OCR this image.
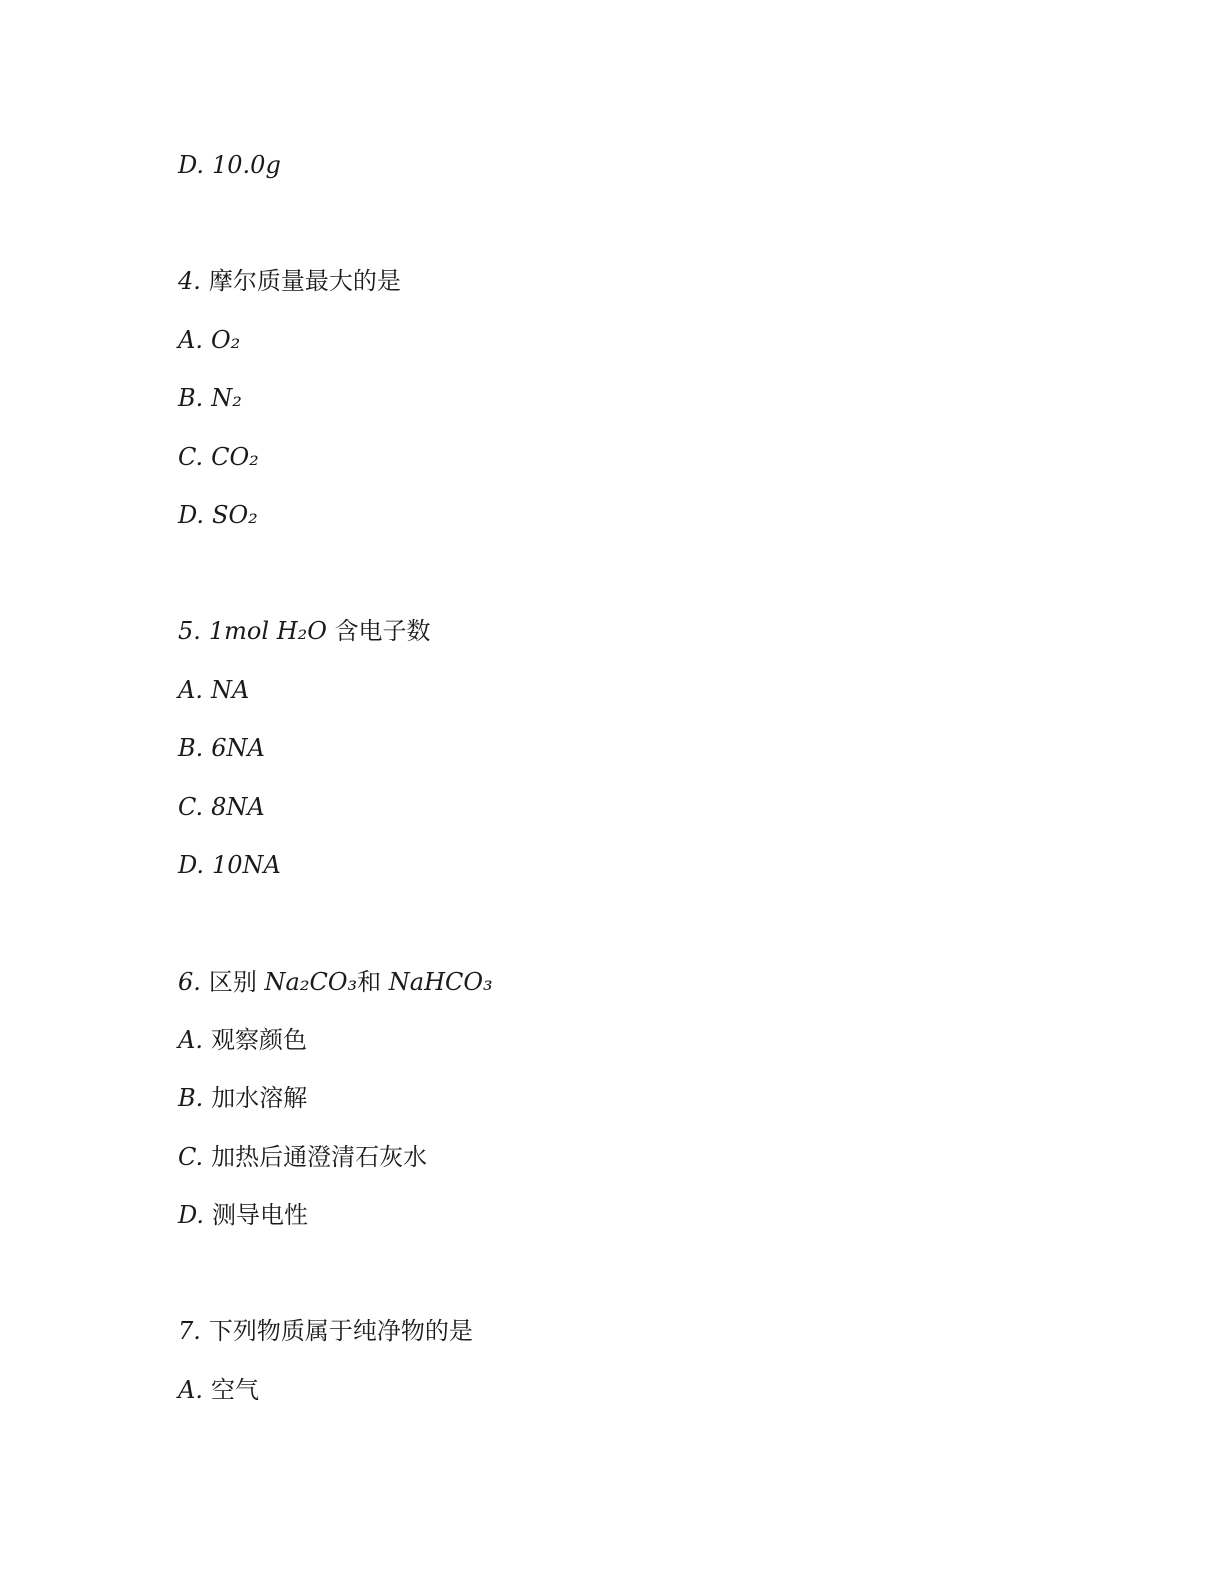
D. 10.0g
4. 摩尔质量最大的是
A. O₂
B. N₂
C. CO₂
D. SO₂
5. 1mol H₂O 含电子数
A. NA
B. 6NA
C. 8NA
D. 10NA
6. 区别 Na₂CO₃和 NaHCO₃
A. 观察颜色
B. 加水溶解
C. 加热后通澄清石灰水
D. 测导电性
7. 下列物质属于纯净物的是
A. 空气
